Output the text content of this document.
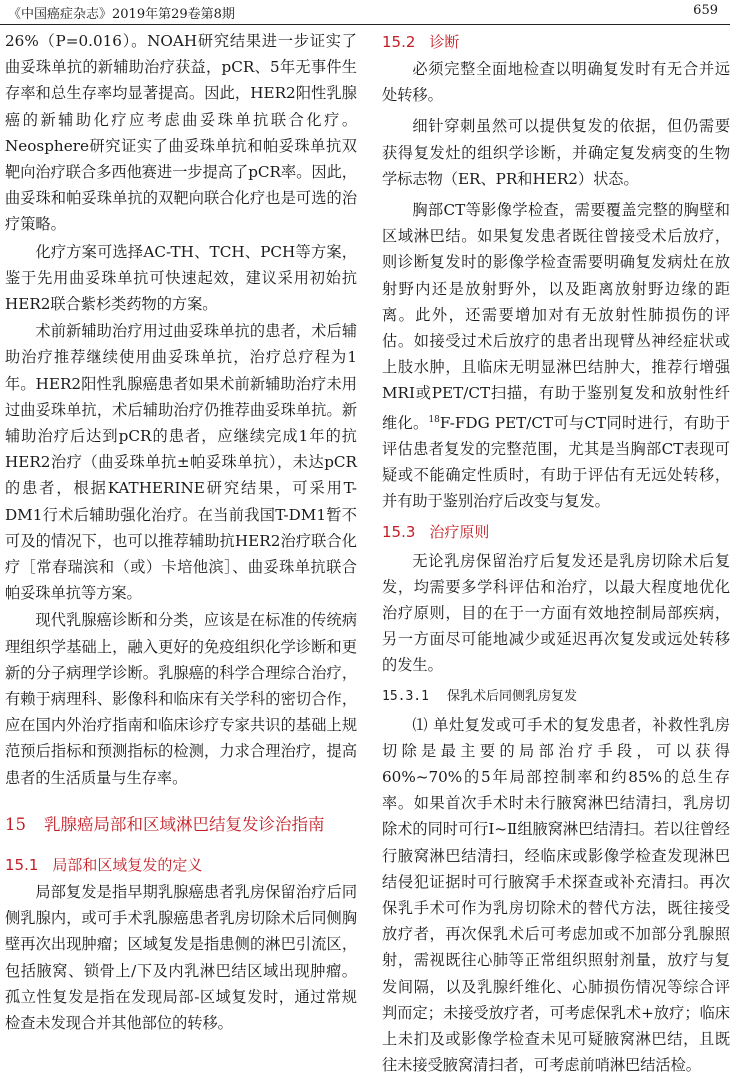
《中国癌症杂志》2019年第29卷第8期	659

26%（P=0.016）。NOAH研究结果进一步证实了曲妥珠单抗的新辅助治疗获益，pCR、5年无事件生存率和总生存率均显著提高。因此，HER2阳性乳腺癌的新辅助化疗应考虑曲妥珠单抗联合化疗。Neosphere研究证实了曲妥珠单抗和帕妥珠单抗双靶向治疗联合多西他赛进一步提高了pCR率。因此，曲妥珠和帕妥珠单抗的双靶向联合化疗也是可选的治疗策略。

化疗方案可选择AC-TH、TCH、PCH等方案，鉴于先用曲妥珠单抗可快速起效，建议采用初始抗HER2联合紫杉类药物的方案。

术前新辅助治疗用过曲妥珠单抗的患者，术后辅助治疗推荐继续使用曲妥珠单抗，治疗总疗程为1年。HER2阳性乳腺癌患者如果术前新辅助治疗未用过曲妥珠单抗，术后辅助治疗仍推荐曲妥珠单抗。新辅助治疗后达到pCR的患者，应继续完成1年的抗HER2治疗（曲妥珠单抗±帕妥珠单抗），未达pCR的患者，根据KATHERINE研究结果，可采用T-DM1行术后辅助强化治疗。在当前我国T-DM1暂不可及的情况下，也可以推荐辅助抗HER2治疗联合化疗［常春瑞滨和（或）卡培他滨］、曲妥珠单抗联合帕妥珠单抗等方案。

现代乳腺癌诊断和分类，应该是在标准的传统病理组织学基础上，融入更好的免疫组织化学诊断和更新的分子病理学诊断。乳腺癌的科学合理综合治疗，有赖于病理科、影像科和临床有关学科的密切合作，应在国内外治疗指南和临床诊疗专家共识的基础上规范预后指标和预测指标的检测，力求合理治疗，提高患者的生活质量与生存率。

15 乳腺癌局部和区域淋巴结复发诊治指南
15.1 局部和区域复发的定义

局部复发是指早期乳腺癌患者乳房保留治疗后同侧乳腺内，或可手术乳腺癌患者乳房切除术后同侧胸壁再次出现肿瘤；区域复发是指患侧的淋巴引流区，包括腋窝、锁骨上/下及内乳淋巴结区域出现肿瘤。孤立性复发是指在发现局部-区域复发时，通过常规检查未发现合并其他部位的转移。

15.2 诊断

必须完整全面地检查以明确复发时有无合并远处转移。

细针穿刺虽然可以提供复发的依据，但仍需要获得复发灶的组织学诊断，并确定复发病变的生物学标志物（ER、PR和HER2）状态。

胸部CT等影像学检查，需要覆盖完整的胸壁和区域淋巴结。如果复发患者既往曾接受术后放疗，则诊断复发时的影像学检查需要明确复发病灶在放射野内还是放射野外，以及距离放射野边缘的距离。此外，还需要增加对有无放射性肺损伤的评估。如接受过术后放疗的患者出现臂丛神经症状或上肢水肿，且临床无明显淋巴结肿大，推荐行增强MRI或PET/CT扫描，有助于鉴别复发和放射性纤维化。$^{18}$F-FDG PET/CT可与CT同时进行，有助于评估患者复发的完整范围，尤其是当胸部CT表现可疑或不能确定性质时，有助于评估有无远处转移，并有助于鉴别治疗后改变与复发。

15.3 治疗原则

无论乳房保留治疗后复发还是乳房切除术后复发，均需要多学科评估和治疗，以最大程度地优化治疗原则，目的在于一方面有效地控制局部疾病，另一方面尽可能地减少或延迟再次复发或远处转移的发生。

15.3.1 保乳术后同侧乳房复发

⑴ 单灶复发或可手术的复发患者，补救性乳房切除是最主要的局部治疗手段，可以获得60%~70%的5年局部控制率和约85%的总生存率。如果首次手术时未行腋窝淋巴结清扫，乳房切除术的同时可行Ⅰ~Ⅱ组腋窝淋巴结清扫。若以往曾经行腋窝淋巴结清扫，经临床或影像学检查发现淋巴结侵犯证据时可行腋窝手术探查或补充清扫。再次保乳手术可作为乳房切除术的替代方法，既往接受放疗者，再次保乳术后可考虑加或不加部分乳腺照射，需视既往心肺等正常组织照射剂量，放疗与复发间隔，以及乳腺纤维化、心肺损伤情况等综合评判而定；未接受放疗者，可考虑保乳术+放疗；临床上未扪及或影像学检查未见可疑腋窝淋巴结，且既往未接受腋窝清扫者，可考虑前哨淋巴结活检。
